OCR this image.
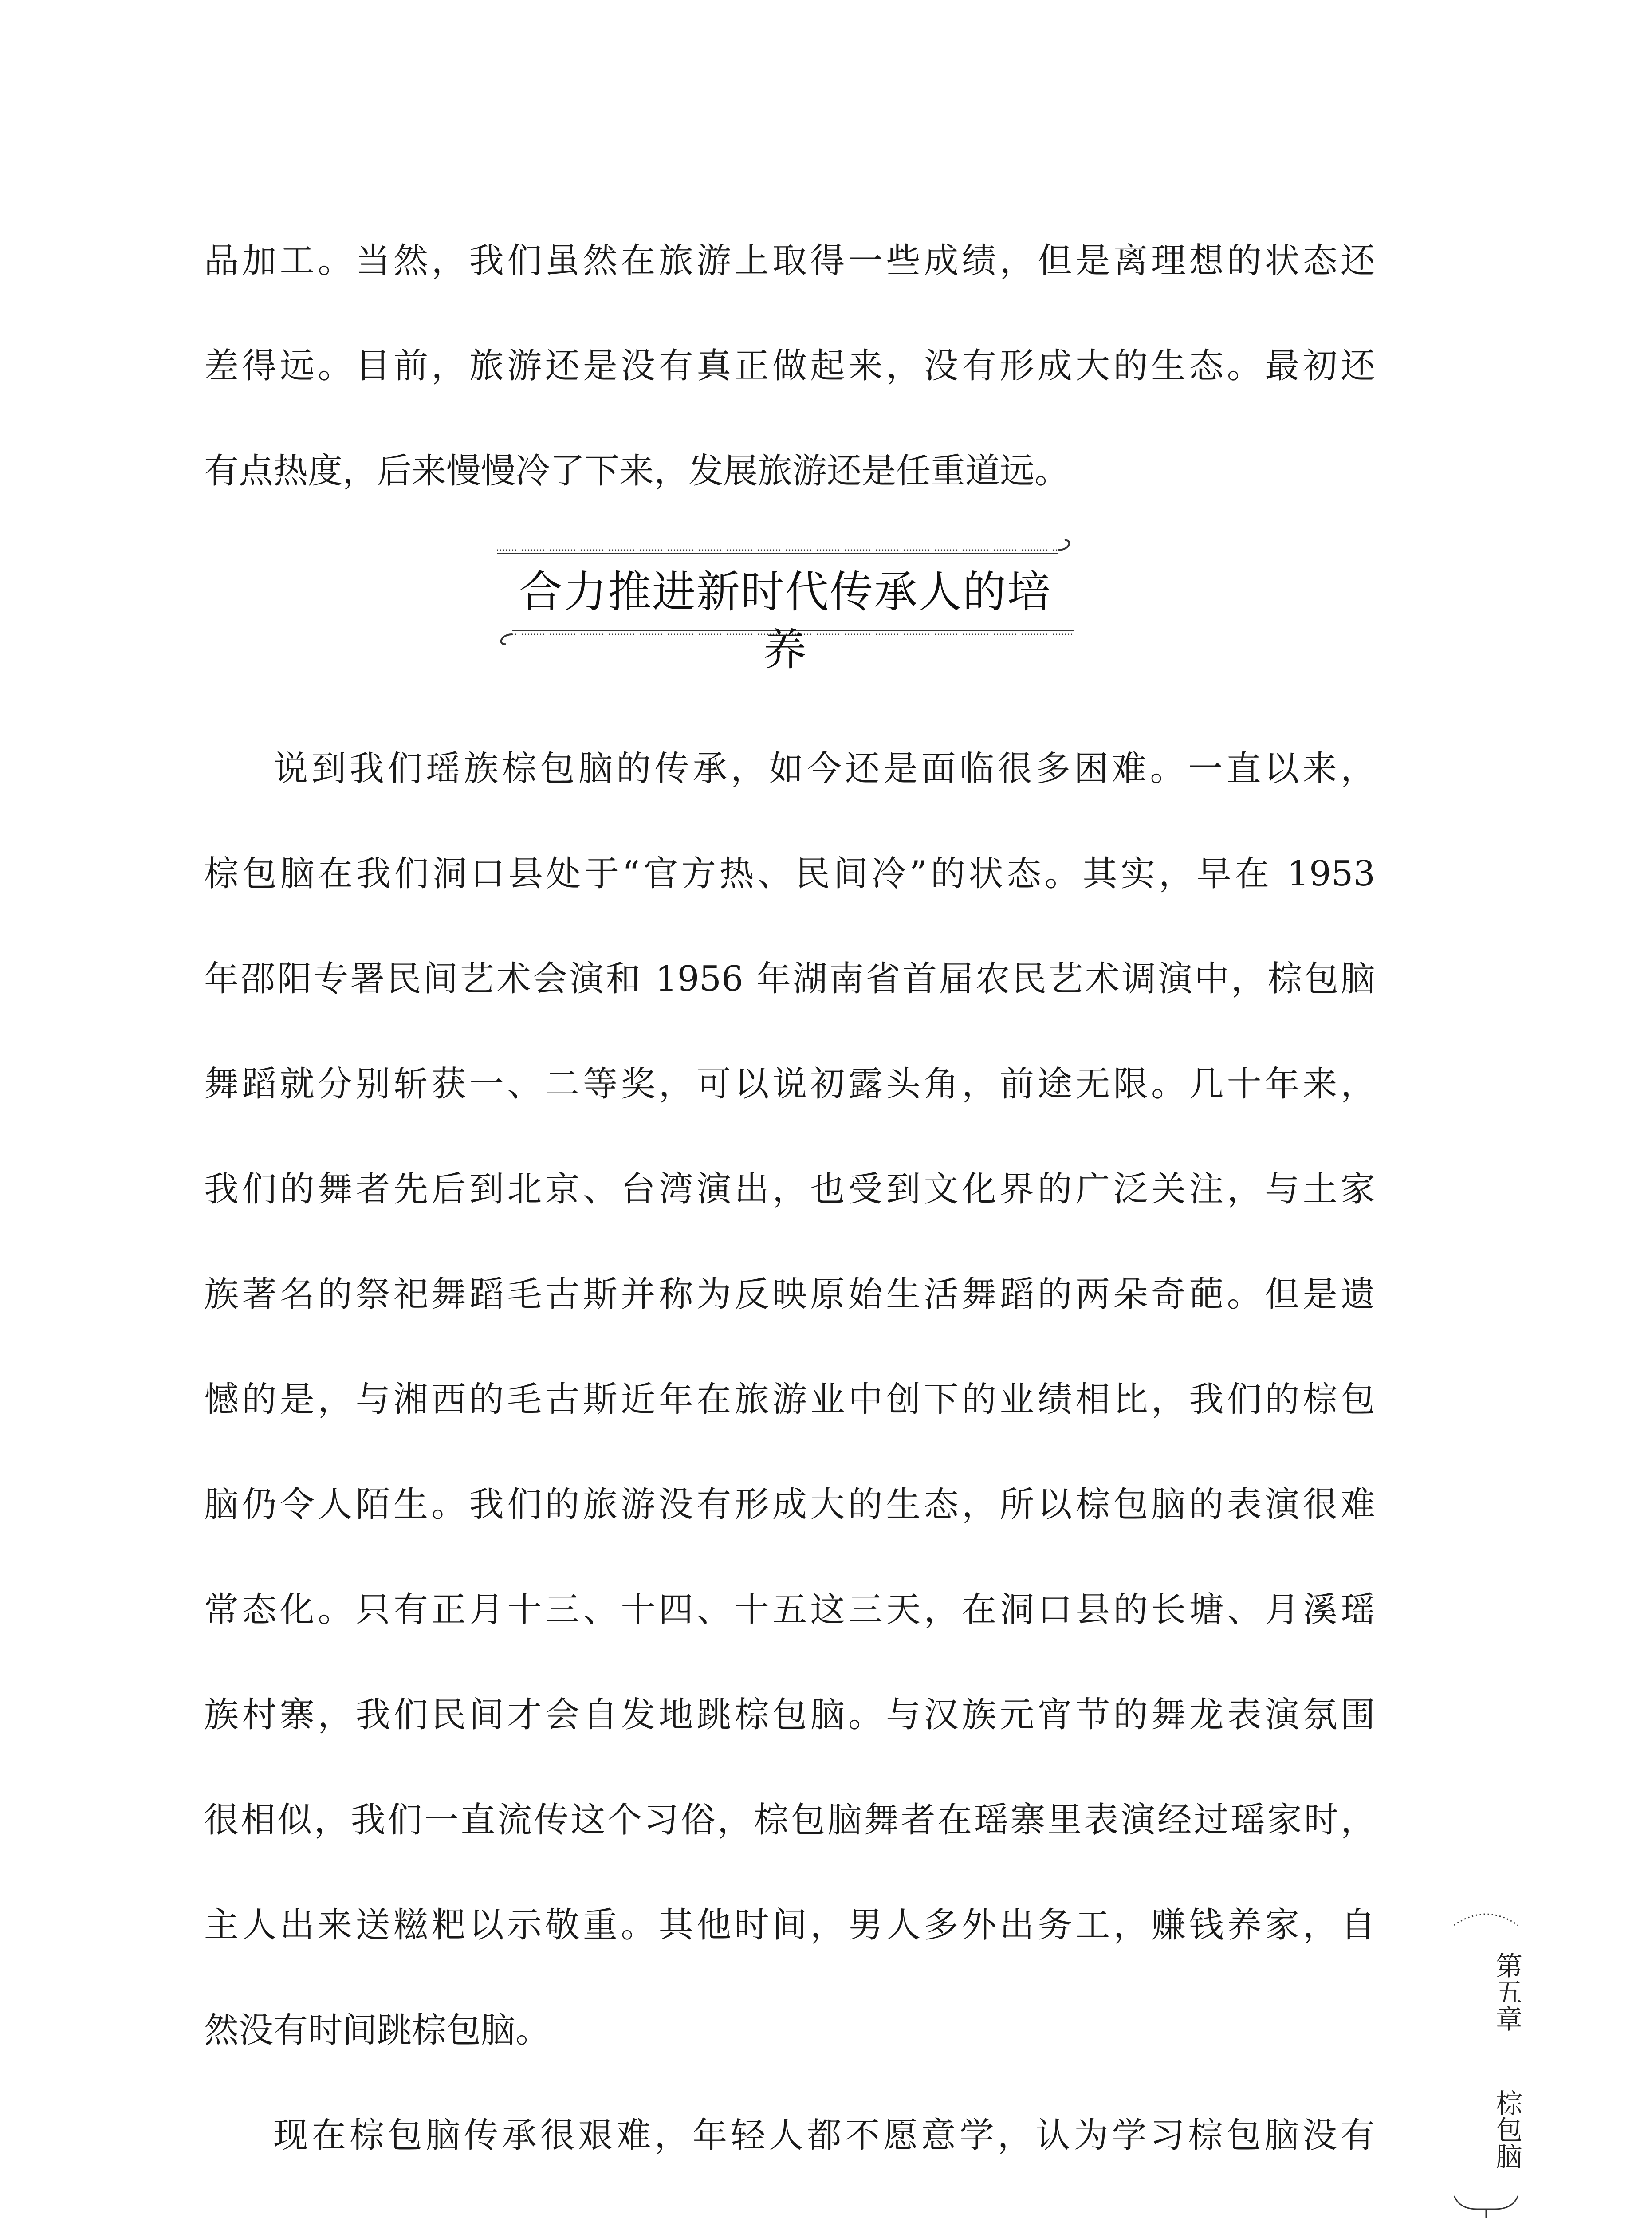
品加工。当然，我们虽然在旅游上取得一些成绩，但是离理想的状态还
差得远。目前，旅游还是没有真正做起来，没有形成大的生态。最初还
有点热度，后来慢慢冷了下来，发展旅游还是任重道远。
合力推进新时代传承人的培养
说到我们瑶族棕包脑的传承，如今还是面临很多困难。一直以来，
棕包脑在我们洞口县处于“官方热、民间冷”的状态。其实，早在 1953
年邵阳专署民间艺术会演和 1956 年湖南省首届农民艺术调演中，棕包脑
舞蹈就分别斩获一、二等奖，可以说初露头角，前途无限。几十年来，
我们的舞者先后到北京、台湾演出，也受到文化界的广泛关注，与土家
族著名的祭祀舞蹈毛古斯并称为反映原始生活舞蹈的两朵奇葩。但是遗
憾的是，与湘西的毛古斯近年在旅游业中创下的业绩相比，我们的棕包
脑仍令人陌生。我们的旅游没有形成大的生态，所以棕包脑的表演很难
常态化。只有正月十三、十四、十五这三天，在洞口县的长塘、月溪瑶
族村寨，我们民间才会自发地跳棕包脑。与汉族元宵节的舞龙表演氛围
很相似，我们一直流传这个习俗，棕包脑舞者在瑶寨里表演经过瑶家时，
主人出来送糍粑以示敬重。其他时间，男人多外出务工，赚钱养家，自
然没有时间跳棕包脑。
现在棕包脑传承很艰难，年轻人都不愿意学，认为学习棕包脑没有
第五章
棕包脑
